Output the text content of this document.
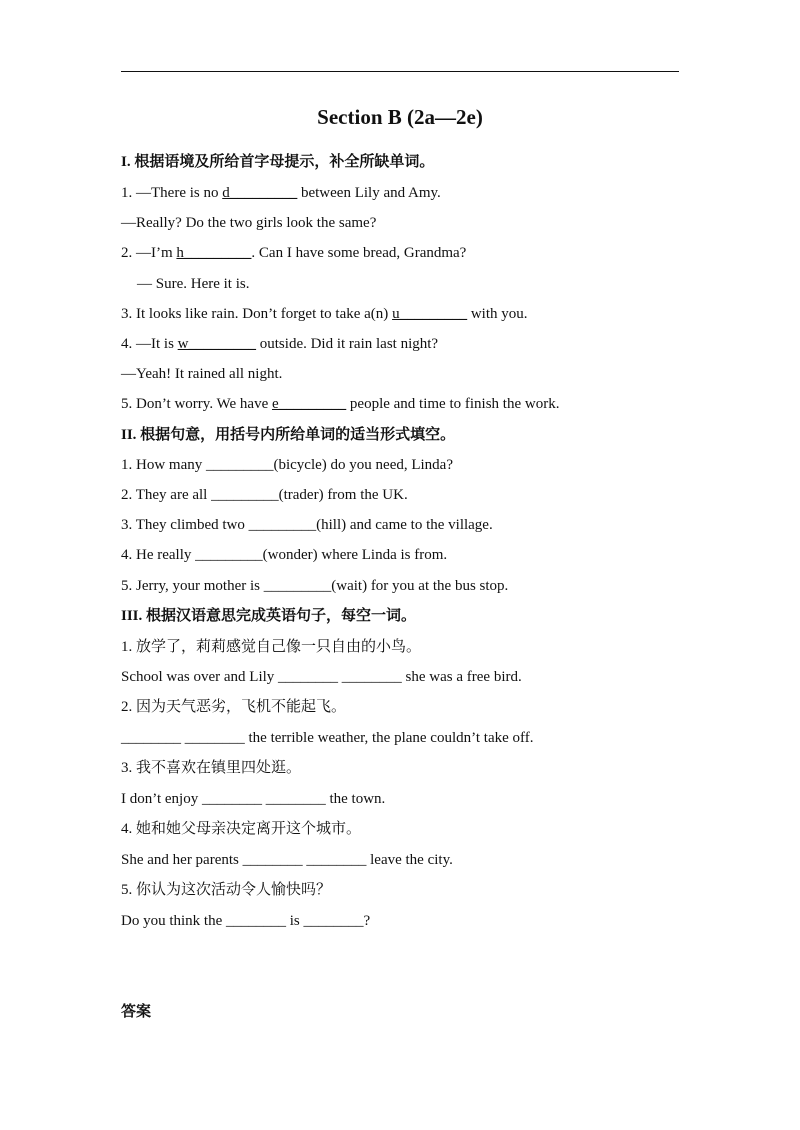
Section B (2a—2e)
I. 根据语境及所给首字母提示，补全所缺单词。
1. —There is no d_________ between Lily and Amy.
—Really? Do the two girls look the same?
2. —I’m h_________. Can I have some bread, Grandma?
— Sure. Here it is.
3. It looks like rain. Don’t forget to take a(n) u_________ with you.
4. —It is w_________ outside. Did it rain last night?
—Yeah! It rained all night.
5. Don’t worry. We have e_________ people and time to finish the work.
II. 根据句意，用括号内所给单词的适当形式填空。
1. How many _________(bicycle) do you need, Linda?
2. They are all _________(trader) from the UK.
3. They climbed two _________(hill) and came to the village.
4. He really _________(wonder) where Linda is from.
5. Jerry, your mother is _________(wait) for you at the bus stop.
III. 根据汉语意思完成英语句子，每空一词。
1. 放学了，莉莉感觉自己像一只自由的小鸟。
School was over and Lily ________ ________ she was a free bird.
2. 因为天气恶劣，飞机不能起飞。
________ ________ the terrible weather, the plane couldn’t take off.
3. 我不喜欢在镇里四处逛。
I don’t enjoy ________ ________ the town.
4. 她和她父母亲决定离开这个城市。
She and her parents ________ ________ leave the city.
5. 你认为这次活动令人愉快吗？
Do you think the ________ is ________?
答案
